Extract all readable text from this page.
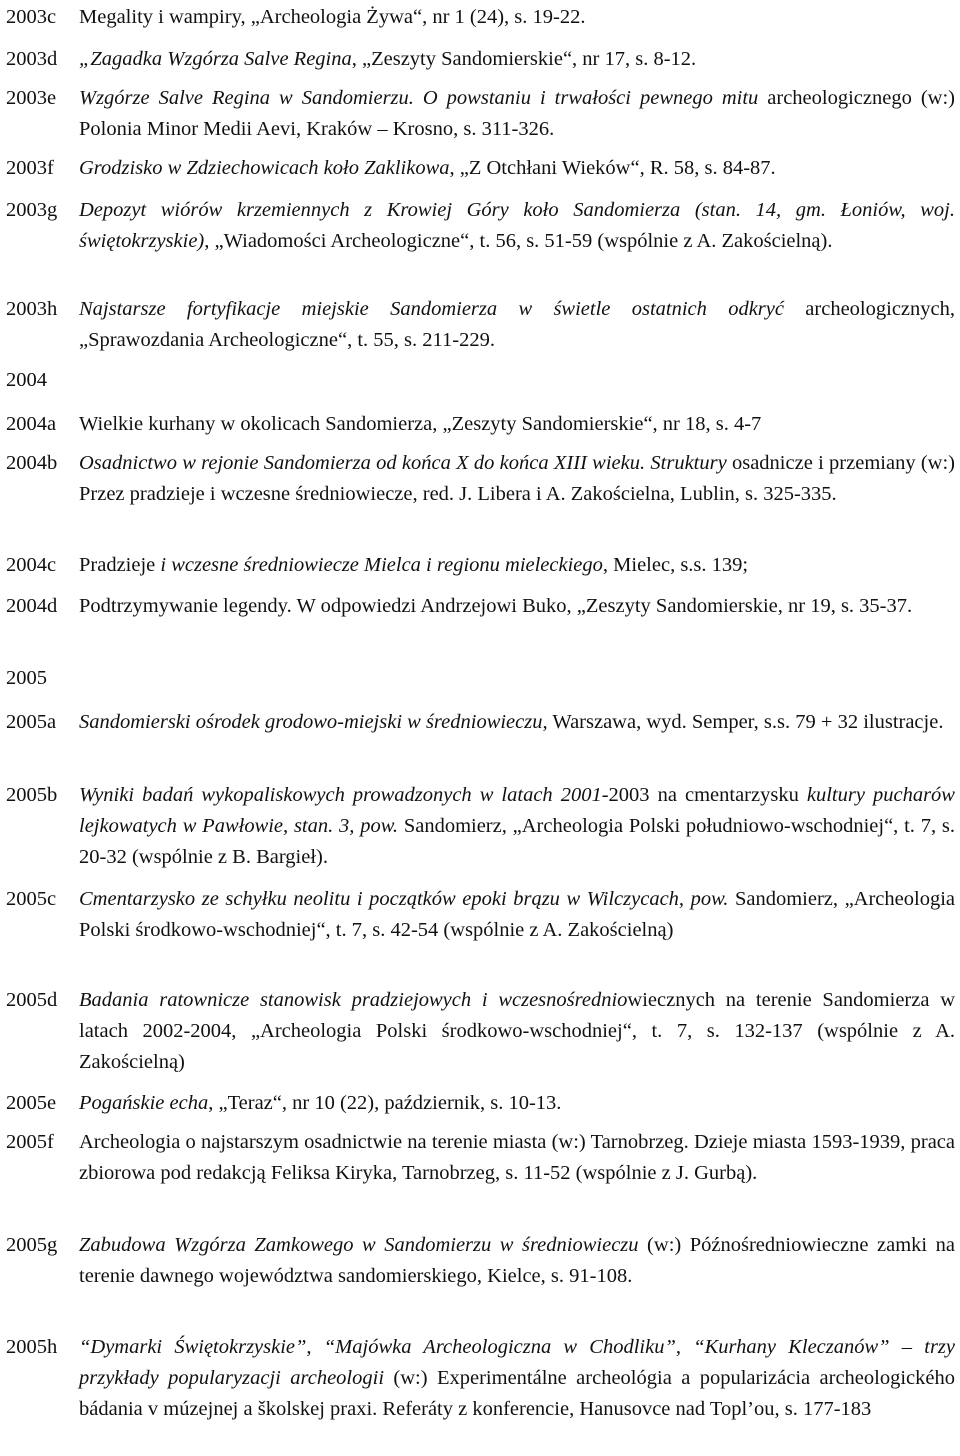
2003c Megality i wampiry, „Archeologia Żywa“, nr 1 (24), s. 19-22.
2003d „Zagadka Wzgórza Salve Regina, „Zeszyty Sandomierskie“, nr 17, s. 8-12.
2003e Wzgórze Salve Regina w Sandomierzu. O powstaniu i trwałości pewnego mitu archeologicznego (w:) Polonia Minor Medii Aevi, Kraków – Krosno, s. 311-326.
2003f Grodzisko w Zdziechowicach koło Zaklikowa, „Z Otchłani Wieków“, R. 58, s. 84-87.
2003g Depozyt wiórów krzemiennych z Krowiej Góry koło Sandomierza (stan. 14, gm. Łoniów, woj. świętokrzyskie), „Wiadomości Archeologiczne“, t. 56, s. 51-59 (wspólnie z A. Zakościelną).
2003h Najstarsze fortyfikacje miejskie Sandomierza w świetle ostatnich odkryć archeologicznych, „Sprawozdania Archeologiczne“, t. 55, s. 211-229.
2004a Wielkie kurhany w okolicach Sandomierza, „Zeszyty Sandomierskie“, nr 18, s. 4-7
2004b Osadnictwo w rejonie Sandomierza od końca X do końca XIII wieku. Struktury osadnicze i przemiany (w:) Przez pradzieje i wczesne średniowiecze, red. J. Libera i A. Zakościelna, Lublin, s. 325-335.
2004c Pradzieje i wczesne średniowiecze Mielca i regionu mieleckiego, Mielec, s.s. 139;
2004d Podtrzymywanie legendy. W odpowiedzi Andrzejowi Buko, „Zeszyty Sandomierskie, nr 19, s. 35-37.
2005a Sandomierski ośrodek grodowo-miejski w średniowieczu, Warszawa, wyd. Semper, s.s. 79 + 32 ilustracje.
2005b Wyniki badań wykopaliskowych prowadzonych w latach 2001-2003 na cmentarzysku kultury pucharów lejkowatych w Pawłowie, stan. 3, pow. Sandomierz, „Archeologia Polski południowo-wschodniej“, t. 7, s. 20-32 (wspólnie z B. Bargieł).
2005c Cmentarzysko ze schyłku neolitu i początków epoki brązu w Wilczycach, pow. Sandomierz, „Archeologia Polski środkowo-wschodniej“, t. 7, s. 42-54 (wspólnie z A. Zakościelną)
2005d Badania ratownicze stanowisk pradziejowych i wczesnośredniowiecznych na terenie Sandomierza w latach 2002-2004, „Archeologia Polski środkowo-wschodniej“, t. 7, s. 132-137 (wspólnie z A. Zakościelną)
2005e Pogańskie echa, „Teraz“, nr 10 (22), październik, s. 10-13.
2005f Archeologia o najstarszym osadnictwie na terenie miasta (w:) Tarnobrzeg. Dzieje miasta 1593-1939, praca zbiorowa pod redakcją Feliksa Kiryka, Tarnobrzeg, s. 11-52 (wspólnie z J. Gurbą).
2005g Zabudowa Wzgórza Zamkowego w Sandomierzu w średniowieczu (w:) Późnośredniowieczne zamki na terenie dawnego województwa sandomierskiego, Kielce, s. 91-108.
2005h “Dymarki Świętokrzyskie”, “Majówka Archeologiczna w Chodliku”, “Kurhany Kleczanów” – trzy przykłady popularyzacji archeologii (w:) Experimentálne archeológia a popularizácia archeologického bádania v múzejnej a školskej praxi. Referáty z konferencie, Hanusovce nad Topl’ou, s. 177-183
2004
2005
